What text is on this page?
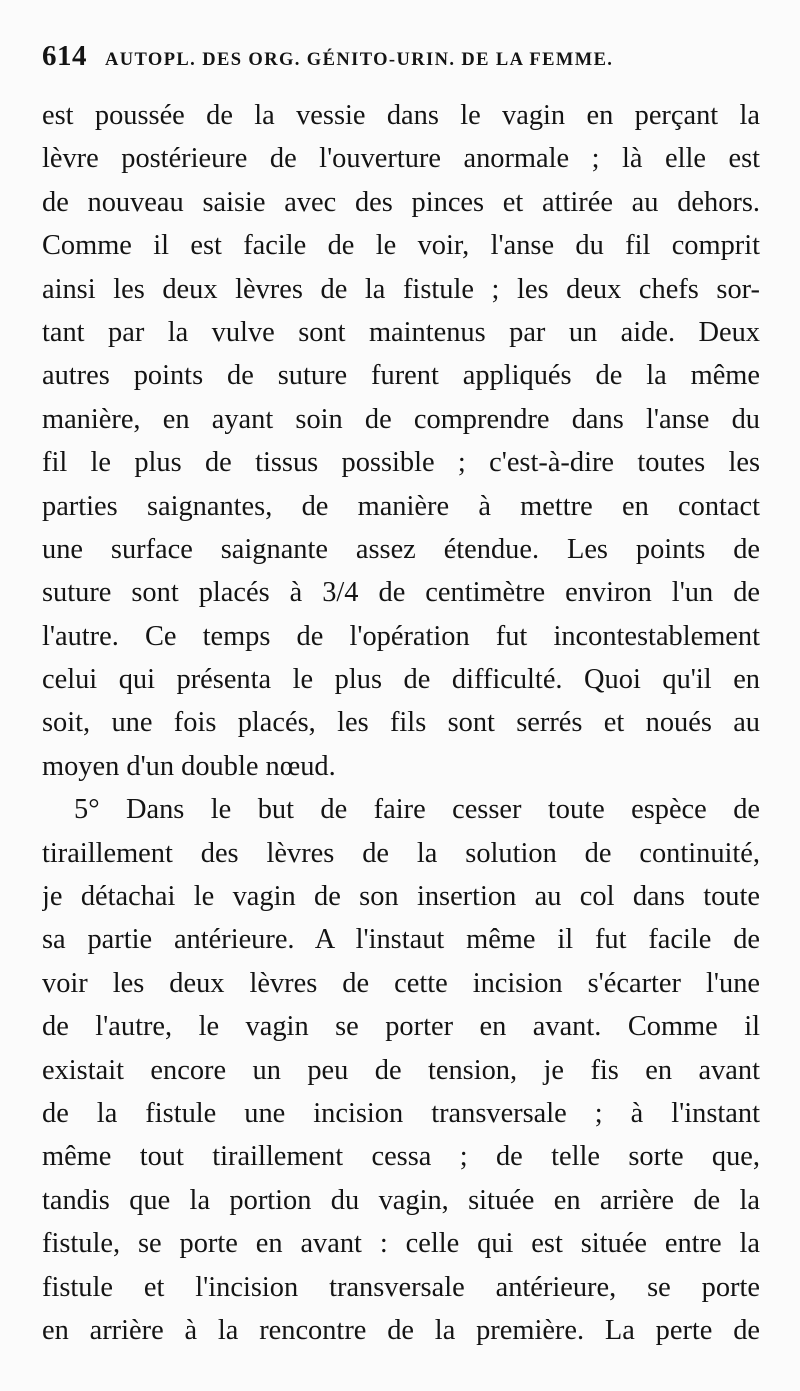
614 AUTOPL. DES ORG. GÉNITO-URIN. DE LA FEMME.
est poussée de la vessie dans le vagin en perçant la
lèvre postérieure de l'ouverture anormale ; là elle est
de nouveau saisie avec des pinces et attirée au dehors.
Comme il est facile de le voir, l'anse du fil comprit
ainsi les deux lèvres de la fistule ; les deux chefs sor-
tant par la vulve sont maintenus par un aide. Deux
autres points de suture furent appliqués de la même
manière, en ayant soin de comprendre dans l'anse du
fil le plus de tissus possible ; c'est-à-dire toutes les
parties saignantes, de manière à mettre en contact
une surface saignante assez étendue. Les points de
suture sont placés à 3/4 de centimètre environ l'un de
l'autre. Ce temps de l'opération fut incontestablement
celui qui présenta le plus de difficulté. Quoi qu'il en
soit, une fois placés, les fils sont serrés et noués au
moyen d'un double nœud.
5° Dans le but de faire cesser toute espèce de
tiraillement des lèvres de la solution de continuité,
je détachai le vagin de son insertion au col dans toute
sa partie antérieure. A l'instaut même il fut facile de
voir les deux lèvres de cette incision s'écarter l'une
de l'autre, le vagin se porter en avant. Comme il
existait encore un peu de tension, je fis en avant
de la fistule une incision transversale ; à l'instant
même tout tiraillement cessa ; de telle sorte que,
tandis que la portion du vagin, située en arrière de la
fistule, se porte en avant : celle qui est située entre la
fistule et l'incision transversale antérieure, se porte
en arrière à la rencontre de la première. La perte de
